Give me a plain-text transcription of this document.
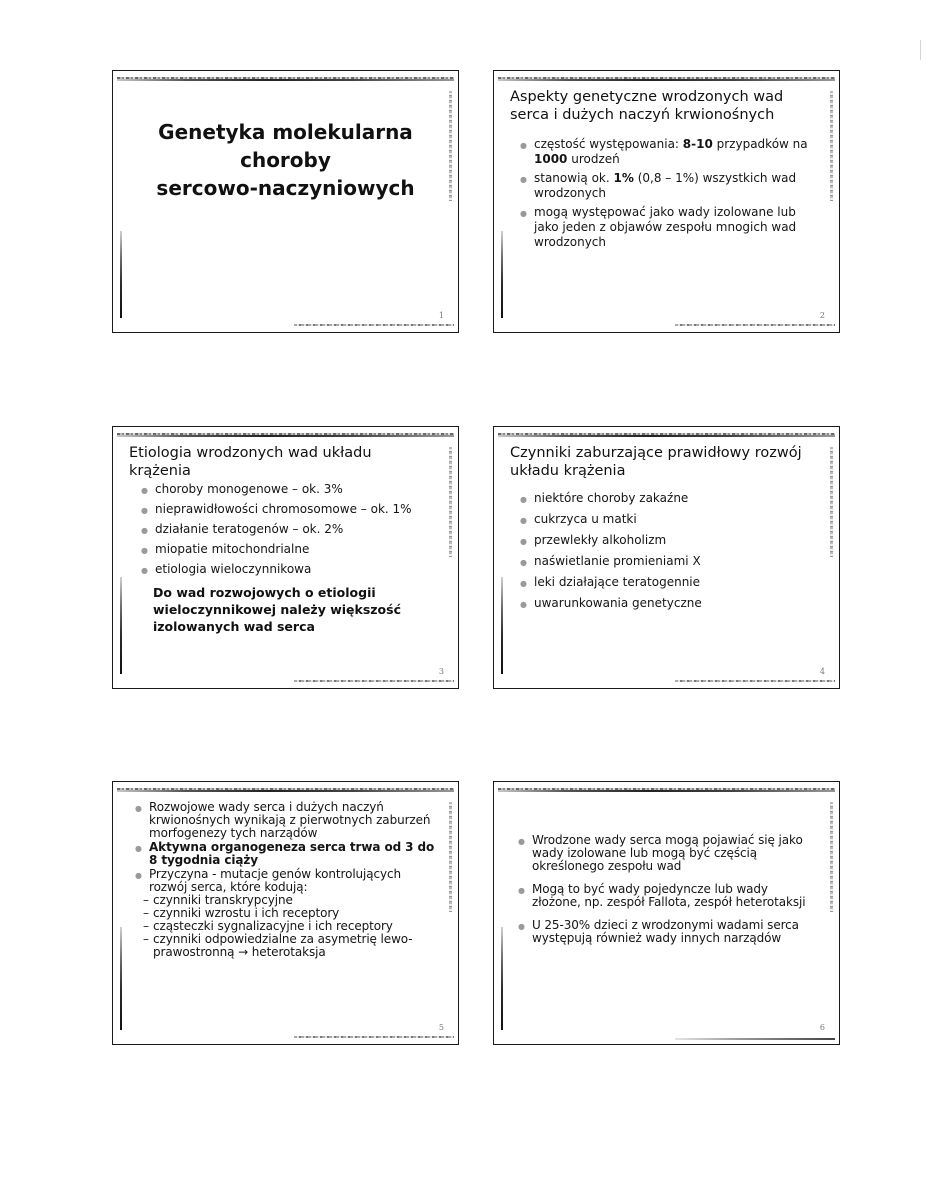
Genetyka molekularna
choroby
sercowo-naczyniowych
1
Aspekty genetyczne wrodzonych wad serca i dużych naczyń krwionośnych
● częstość występowania: 8-10 przypadków na 1000 urodzeń
● stanowią ok. 1% (0,8 – 1%) wszystkich wad wrodzonych
● mogą występować jako wady izolowane lub jako jeden z objawów zespołu mnogich wad wrodzonych
2
Etiologia wrodzonych wad układu krążenia
● choroby monogenowe – ok. 3%
● nieprawidłowości chromosomowe – ok. 1%
● działanie teratogenów – ok. 2%
● miopatie mitochondrialne
● etiologia wieloczynnikowa
Do wad rozwojowych o etiologii wieloczynnikowej należy większość izolowanych wad serca
3
Czynniki zaburzające prawidłowy rozwój układu krążenia
● niektóre choroby zakaźne
● cukrzyca u matki
● przewlekły alkoholizm
● naświetlanie promieniami X
● leki działające teratogennie
● uwarunkowania genetyczne
4
● Rozwojowe wady serca i dużych naczyń krwionośnych wynikają z pierwotnych zaburzeń morfogenezy tych narządów
● Aktywna organogeneza serca trwa od 3 do 8 tygodnia ciąży
● Przyczyna - mutacje genów kontrolujących rozwój serca, które kodują:
– czynniki transkrypcyjne
– czynniki wzrostu i ich receptory
– cząsteczki sygnalizacyjne i ich receptory
– czynniki odpowiedzialne za asymetrię lewo-prawostronną → heterotaksja
5
● Wrodzone wady serca mogą pojawiać się jako wady izolowane lub mogą być częścią określonego zespołu wad
● Mogą to być wady pojedyncze lub wady złożone, np. zespół Fallota, zespół heterotaksji
● U 25-30% dzieci z wrodzonymi wadami serca występują również wady innych narządów
6
